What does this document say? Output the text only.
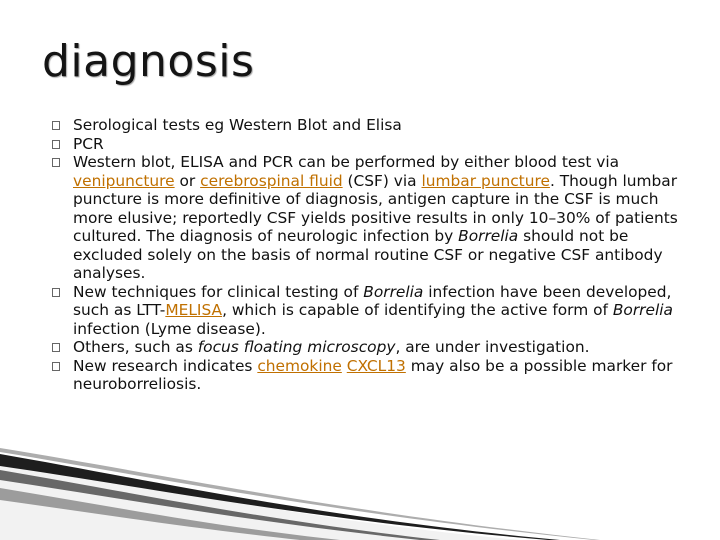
diagnosis
Serological tests eg Western Blot and Elisa
PCR
Western blot, ELISA and PCR can be performed by either blood test via venipuncture or cerebrospinal fluid (CSF) via lumbar puncture. Though lumbar puncture is more definitive of diagnosis, antigen capture in the CSF is much more elusive; reportedly CSF yields positive results in only 10–30% of patients cultured. The diagnosis of neurologic infection by Borrelia should not be excluded solely on the basis of normal routine CSF or negative CSF antibody analyses.
New techniques for clinical testing of Borrelia infection have been developed, such as LTT-MELISA, which is capable of identifying the active form of Borrelia infection (Lyme disease).
Others, such as focus floating microscopy, are under investigation.
New research indicates chemokine CXCL13 may also be a possible marker for neuroborreliosis.
